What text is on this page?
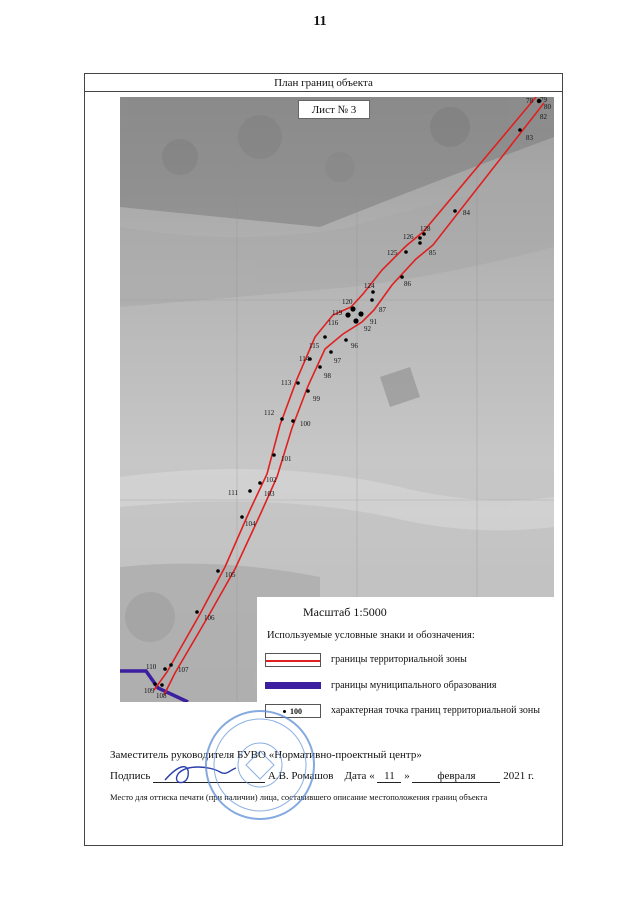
11
План границ объекта
78 79
80
82
83
84
85
86
87
91
92
96
97
98
99
100
101
102
103
104
105
106
107
108
109
110
111
112
113
114
115
116
119
120
124
125
126
128
Лист № 3
Масштаб 1:5000
Используемые условные знаки и обозначения:
границы территориальной зоны
границы муниципального образования
100	характерная точка границ территориальной зоны
Заместитель руководителя БУВО «Нормативно-проектный центр»
Подпись	А.В. Ромашов Дата « 11 »	февраля	2021 г.
Место для оттиска печати (при наличии) лица, составившего описание местоположения границ объекта
